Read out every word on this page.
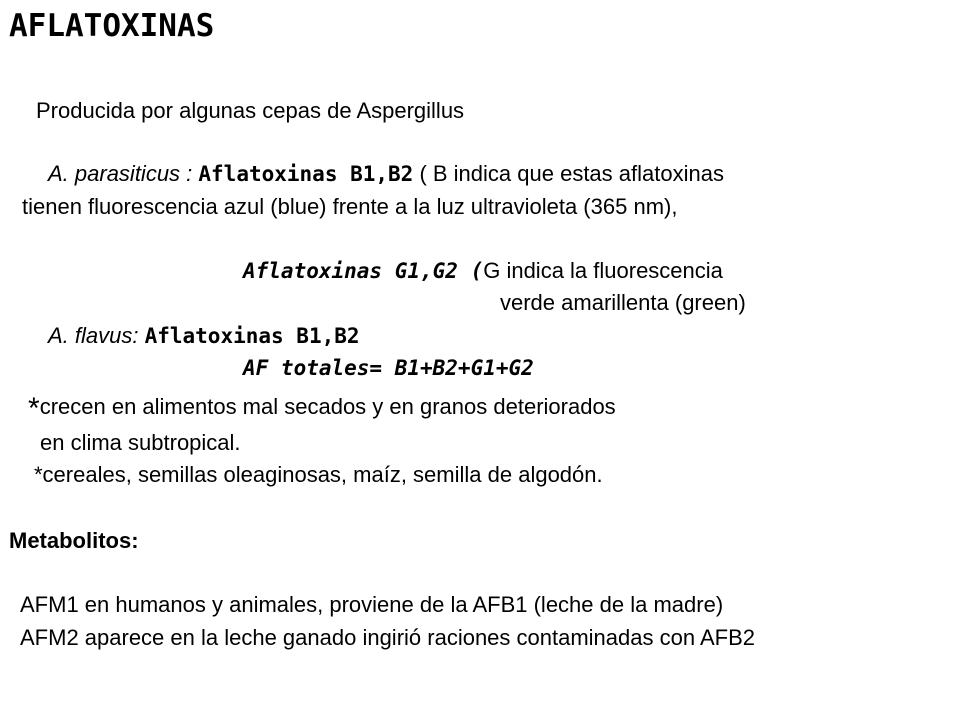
AFLATOXINAS
Producida por algunas cepas de Aspergillus
A. parasiticus : Aflatoxinas B1,B2 ( B indica que estas aflatoxinas
tienen fluorescencia azul (blue) frente a la luz ultravioleta (365 nm),
Aflatoxinas G1,G2 (G indica la fluorescencia
verde amarillenta (green)
A. flavus: Aflatoxinas B1,B2
AF totales= B1+B2+G1+G2
*crecen en alimentos mal secados y en granos deteriorados
en clima subtropical.
*cereales, semillas oleaginosas, maíz, semilla de algodón.
Metabolitos:
AFM1 en humanos y animales, proviene de la AFB1 (leche de la madre)
AFM2 aparece en la leche ganado ingirió raciones contaminadas con AFB2
